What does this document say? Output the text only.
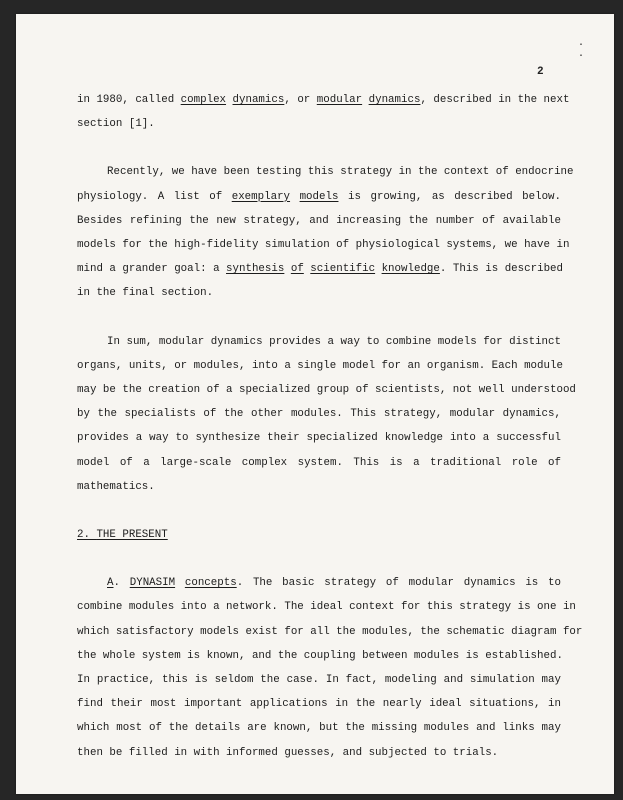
..
2
in 1980, called complex dynamics, or modular dynamics, described in the next
section [1].
Recently, we have been testing this strategy in the context of endocrine
physiology. A list of exemplary models is growing, as described below.
Besides refining the new strategy, and increasing the number of available
models for the high-fidelity simulation of physiological systems, we have in
mind a grander goal: a synthesis of scientific knowledge. This is described
in the final section.
In sum, modular dynamics provides a way to combine models for distinct
organs, units, or modules, into a single model for an organism. Each module
may be the creation of a specialized group of scientists, not well understood
by the specialists of the other modules. This strategy, modular dynamics,
provides a way to synthesize their specialized knowledge into a successful
model of a large-scale complex system. This is a traditional role of
mathematics.
2. THE PRESENT
A. DYNASIM concepts. The basic strategy of modular dynamics is to
combine modules into a network. The ideal context for this strategy is one in
which satisfactory models exist for all the modules, the schematic diagram for
the whole system is known, and the coupling between modules is established.
In practice, this is seldom the case. In fact, modeling and simulation may
find their most important applications in the nearly ideal situations, in
which most of the details are known, but the missing modules and links may
then be filled in with informed guesses, and subjected to trials.
